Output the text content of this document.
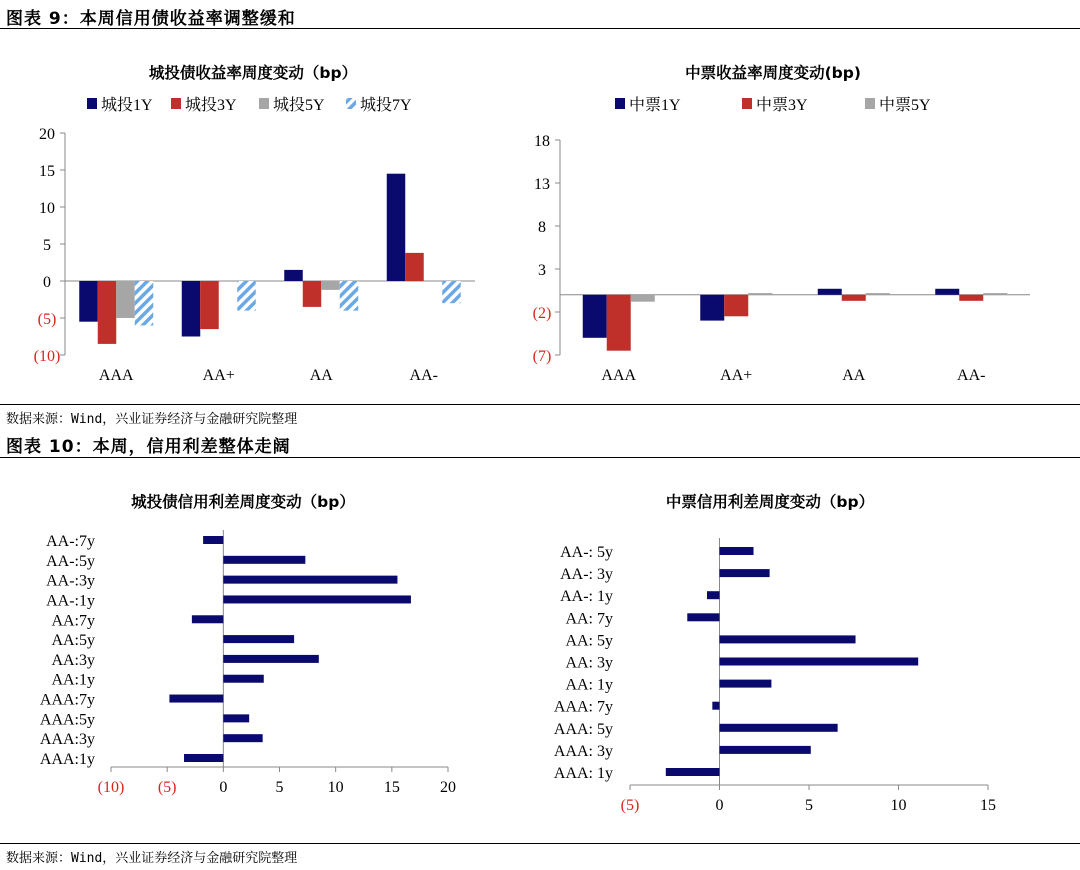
图表 9：本周信用债收益率调整缓和
城投债收益率周度变动（bp）
城投1Y 城投3Y 城投5Y 城投7Y
20
15
10
5
0
(5)
(10)
AAA	AA+	AA	AA-
中票收益率周度变动(bp)
中票1Y	中票3Y	中票5Y
18
13
8
3
(2)
(7)
AAA	AA+	AA	AA-
数据来源：Wind，兴业证券经济与金融研究院整理
图表 10：本周，信用利差整体走阔
城投债信用利差周度变动（bp）
(10) (5)	0	5	10	15	20
AAA:1y
AAA:3y
AAA:5y
AAA:7y
AA:1y
AA:3y
AA:5y
AA:7y
AA-:1y
AA-:3y
AA-:5y
AA-:7y
中票信用利差周度变动（bp）
(5)	0	5	10	15
AAA: 1y
AAA: 3y
AAA: 5y
AAA: 7y
AA: 1y
AA: 3y
AA: 5y
AA: 7y
AA-: 1y
AA-: 3y
AA-: 5y
数据来源：Wind，兴业证券经济与金融研究院整理
